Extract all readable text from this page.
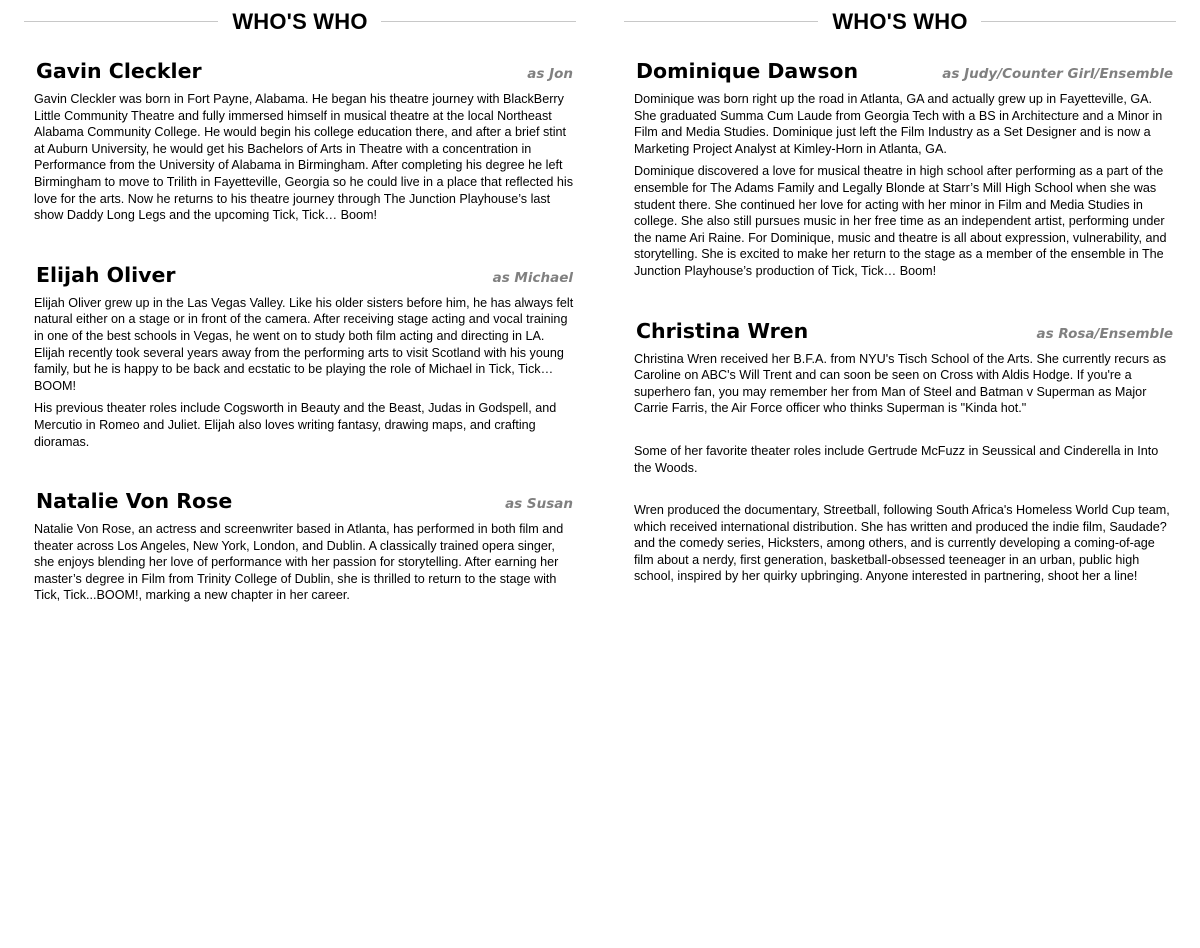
WHO'S WHO
Gavin Cleckler	as Jon

Gavin Cleckler was born in Fort Payne, Alabama. He began his theatre journey with BlackBerry Little Community Theatre and fully immersed himself in musical theatre at the local Northeast Alabama Community College. He would begin his college education there, and after a brief stint at Auburn University, he would get his Bachelors of Arts in Theatre with a concentration in Performance from the University of Alabama in Birmingham. After completing his degree he left Birmingham to move to Trilith in Fayetteville, Georgia so he could live in a place that reflected his love for the arts. Now he returns to his theatre journey through The Junction Playhouse’s last show Daddy Long Legs and the upcoming Tick, Tick… Boom!

Elijah Oliver	as Michael

Elijah Oliver grew up in the Las Vegas Valley. Like his older sisters before him, he has always felt natural either on a stage or in front of the camera. After receiving stage acting and vocal training in one of the best schools in Vegas, he went on to study both film acting and directing in LA. Elijah recently took several years away from the performing arts to visit Scotland with his young family, but he is happy to be back and ecstatic to be playing the role of Michael in Tick, Tick… BOOM!

His previous theater roles include Cogsworth in Beauty and the Beast, Judas in Godspell, and Mercutio in Romeo and Juliet. Elijah also loves writing fantasy, drawing maps, and crafting dioramas.

Natalie Von Rose	as Susan

Natalie Von Rose, an actress and screenwriter based in Atlanta, has performed in both film and theater across Los Angeles, New York, London, and Dublin. A classically trained opera singer, she enjoys blending her love of performance with her passion for storytelling. After earning her master’s degree in Film from Trinity College of Dublin, she is thrilled to return to the stage with Tick, Tick...BOOM!, marking a new chapter in her career.

WHO'S WHO
Dominique Dawson	as Judy/Counter Girl/Ensemble

Dominique was born right up the road in Atlanta, GA and actually grew up in Fayetteville, GA. She graduated Summa Cum Laude from Georgia Tech with a BS in Architecture and a Minor in Film and Media Studies. Dominique just left the Film Industry as a Set Designer and is now a Marketing Project Analyst at Kimley-Horn in Atlanta, GA.

Dominique discovered a love for musical theatre in high school after performing as a part of the ensemble for The Adams Family and Legally Blonde at Starr’s Mill High School when she was student there. She continued her love for acting with her minor in Film and Media Studies in college. She also still pursues music in her free time as an independent artist, performing under the name Ari Raine. For Dominique, music and theatre is all about expression, vulnerability, and storytelling. She is excited to make her return to the stage as a member of the ensemble in The Junction Playhouse’s production of Tick, Tick… Boom!

Christina Wren	as Rosa/Ensemble

Christina Wren received her B.F.A. from NYU's Tisch School of the Arts. She currently recurs as Caroline on ABC's Will Trent and can soon be seen on Cross with Aldis Hodge. If you're a superhero fan, you may remember her from Man of Steel and Batman v Superman as Major Carrie Farris, the Air Force officer who thinks Superman is "Kinda hot."

Some of her favorite theater roles include Gertrude McFuzz in Seussical and Cinderella in Into the Woods.

Wren produced the documentary, Streetball, following South Africa's Homeless World Cup team, which received international distribution. She has written and produced the indie film, Saudade? and the comedy series, Hicksters, among others, and is currently developing a coming-of-age film about a nerdy, first generation, basketball-obsessed teeneager in an urban, public high school, inspired by her quirky upbringing. Anyone interested in partnering, shoot her a line!
